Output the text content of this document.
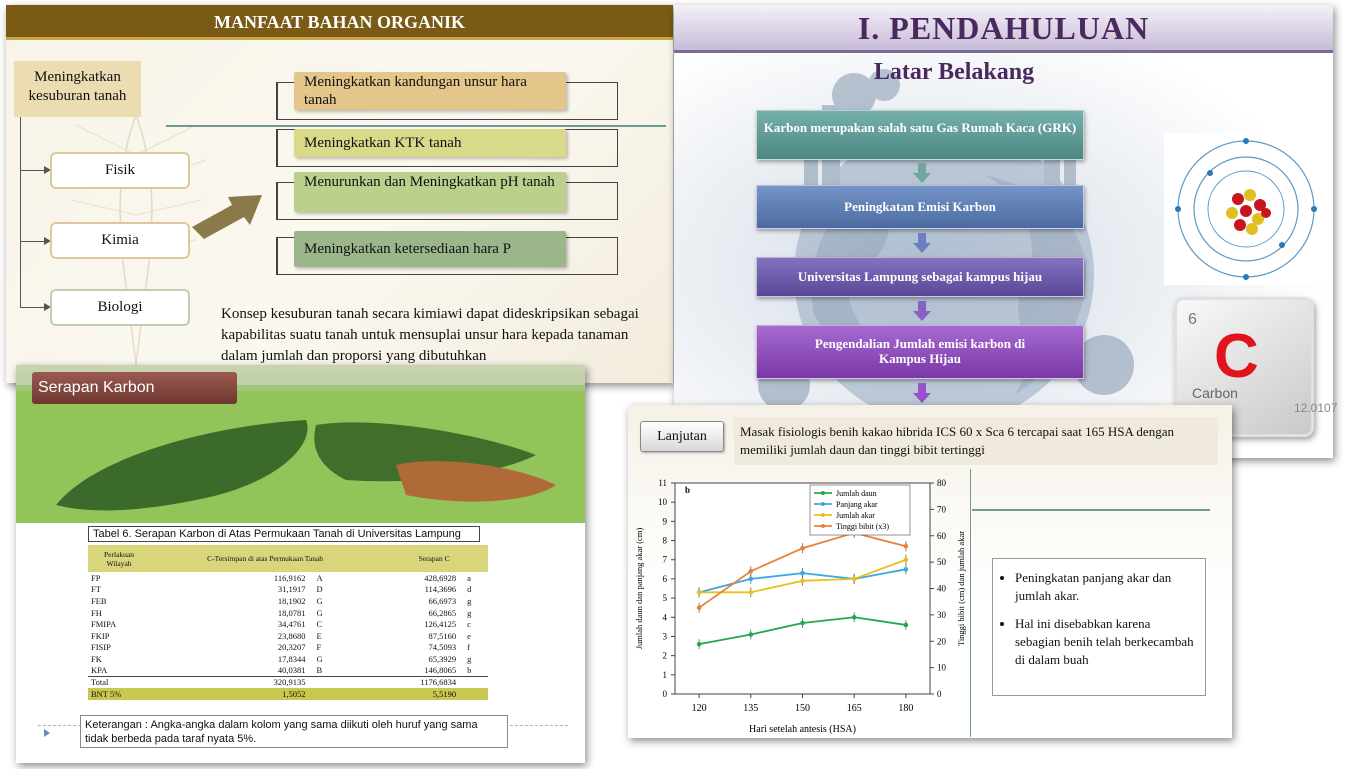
MANFAAT BAHAN ORGANIK
Meningkatkan kesuburan tanah
Fisik
Kimia
Biologi
Meningkatkan kandungan unsur hara tanah
Meningkatkan KTK tanah
Menurunkan dan Meningkatkan pH tanah
Meningkatkan ketersediaan hara P
Konsep kesuburan tanah secara kimiawi dapat dideskripsikan sebagai kapabilitas suatu tanah untuk mensuplai unsur hara kepada tanaman dalam jumlah dan proporsi yang dibutuhkan
I. PENDAHULUAN
Latar Belakang
Karbon merupakan salah satu Gas Rumah Kaca (GRK)
Peningkatan Emisi Karbon
Universitas Lampung sebagai kampus hijau
Pengendalian Jumlah emisi karbon di Kampus Hijau
6
C
Carbon
12.0107
Serapan Karbon
Tabel 6. Serapan Karbon di Atas Permukaan Tanah di Universitas Lampung
Perlakuan Wilayah	C-Tersimpan di atas Permukaan Tanah		Serapan C	
FP	116,9162	A	428,6928	a
FT	31,1917	D	114,3696	d
FEB	18,1902	G	66,6973	g
FH	18,0781	G	66,2865	g
FMIPA	34,4761	C	126,4125	c
FKIP	23,8680	E	87,5160	e
FISIP	20,3207	F	74,5093	f
FK	17,8344	G	65,3929	g
KPA	40,0381	B	146,8065	b
Total	320,9135		1176,6834	
BNT 5%	1,5052		5,5190	
Keterangan : Angka-angka dalam kolom yang sama diikuti oleh huruf yang sama tidak berbeda pada taraf nyata 5%.
Lanjutan	Masak fisiologis benih kakao hibrida ICS 60 x Sca 6 tercapai saat 165 HSA dengan memiliki jumlah daun dan tinggi bibit tertinggi
0
1
2
3
4
5
6
7
8
9
10
11
0
10
20
30
40
50
60
70
80
120	135	150	165	180
Hari setelah antesis (HSA)
Jumlah daun dan panjang akar (cm)	Tinggi bibit (cm) dan jumlah akar
b	Jumlah daun
Panjang akar
Jumlah akar
Tinggi bibit (x3)
• Peningkatan panjang akar dan jumlah akar.
• Hal ini disebabkan karena sebagian benih telah berkecambah di dalam buah
